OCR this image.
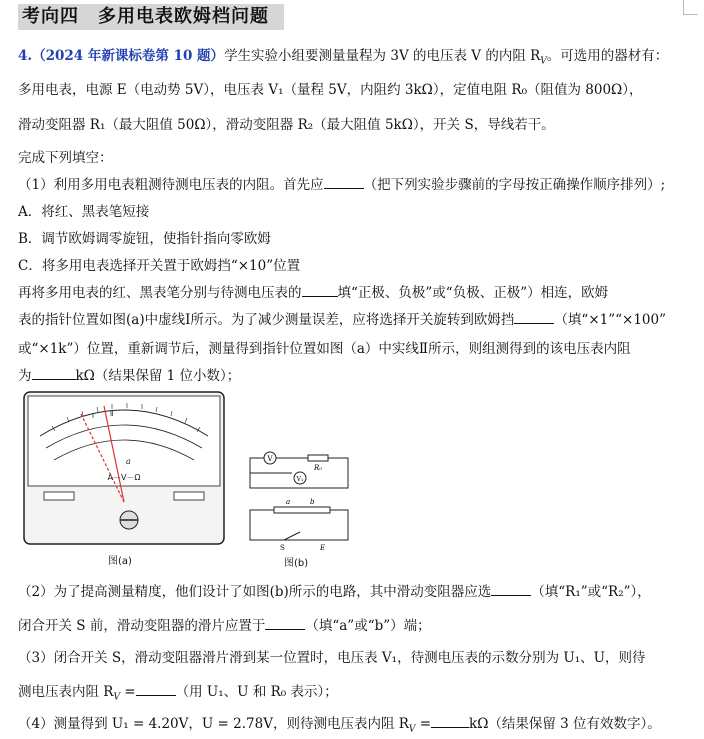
考向四　多用电表欧姆档问题
4.（2024 年新课标卷第 10 题）学生实验小组要测量量程为 3V 的电压表 V 的内阻 $R_V$。可选用的器材有：
多用电表，电源 E（电动势 5V），电压表 V₁（量程 5V，内阻约 3kΩ），定值电阻 R₀（阻值为 800Ω），
滑动变阻器 R₁（最大阻值 50Ω），滑动变阻器 R₂（最大阻值 5kΩ），开关 S，导线若干。
完成下列填空：
（1）利用多用电表粗测待测电压表的内阻。首先应	（把下列实验步骤前的字母按正确操作顺序排列）;
A．将红、黑表笔短接
B．调节欧姆调零旋钮，使指针指向零欧姆
C．将多用电表选择开关置于欧姆挡“×10”位置
再将多用电表的红、黑表笔分别与待测电压表的	填“正极、负极”或“负极、正极”）相连，欧姆
表的指针位置如图(a)中虚线Ⅰ所示。为了减少测量误差，应将选择开关旋转到欧姆挡	（填“×1”“×100”
或“×1k”）位置，重新调节后，测量得到指针位置如图（a）中实线Ⅱ所示，则组测得到的该电压表内阻
为	kΩ（结果保留 1 位小数）；
Ⅰ Ⅱ
a
A－V－Ω
图(a)
V
V₁
R₀
a	b
S	E
图(b)
（2）为了提高测量精度，他们设计了如图(b)所示的电路，其中滑动变阻器应选	（填“R₁”或“R₂”），
闭合开关 S 前，滑动变阻器的滑片应置于	（填“a”或“b”）端；
（3）闭合开关 S，滑动变阻器滑片滑到某一位置时，电压表 V₁，待测电压表的示数分别为 U₁、U，则待
测电压表内阻 $R_V$ =	（用 U₁、U 和 R₀ 表示）；
（4）测量得到 U₁ = 4.20V，U = 2.78V，则待测电压表内阻 $R_V$ =	kΩ（结果保留 3 位有效数字）。
